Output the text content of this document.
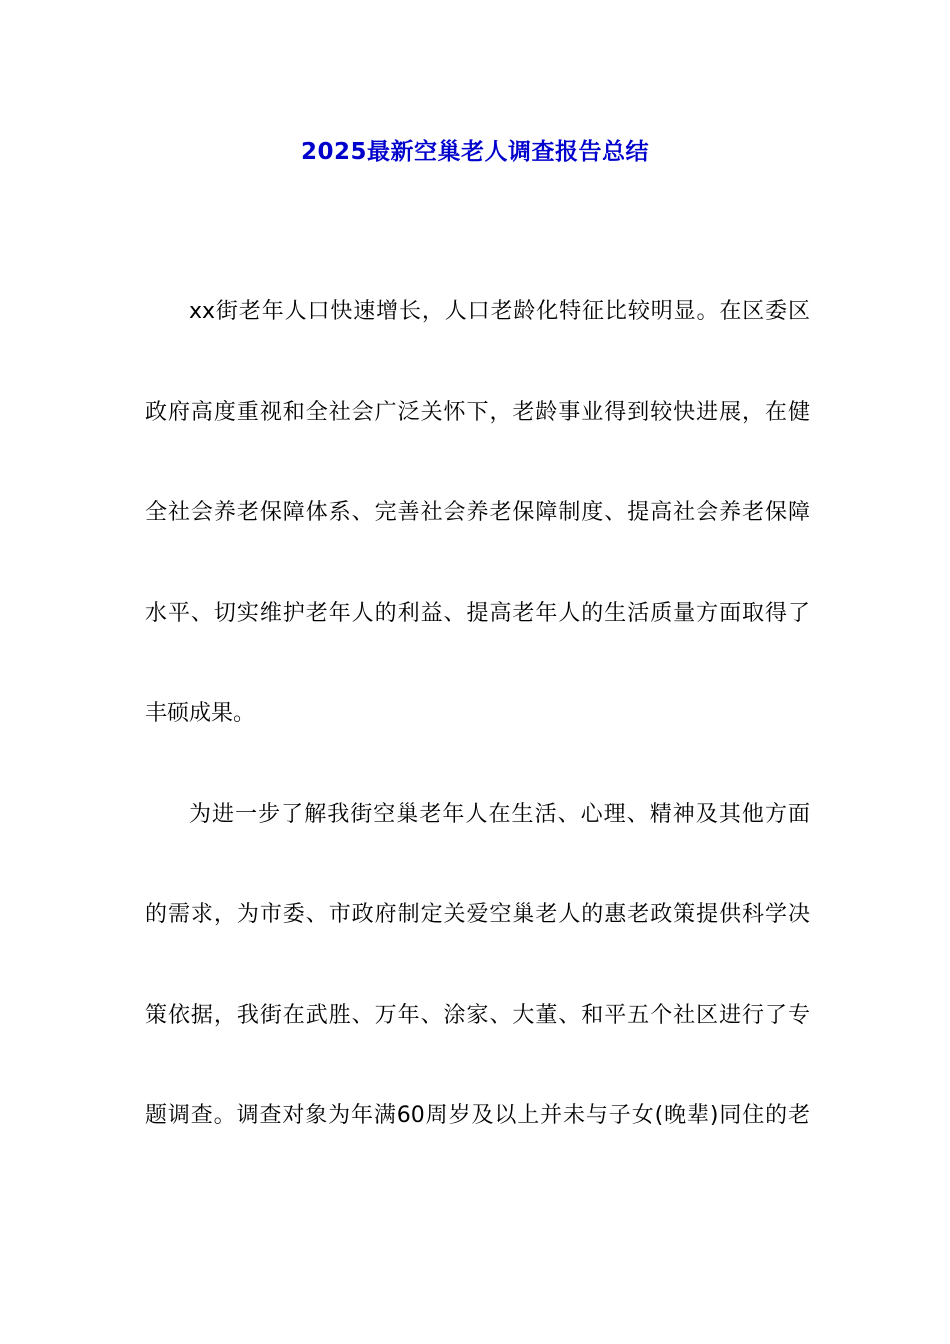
2025最新空巢老人调查报告总结
xx街老年人口快速增长，人口老龄化特征比较明显。在区委区
政府高度重视和全社会广泛关怀下，老龄事业得到较快进展，在健
全社会养老保障体系、完善社会养老保障制度、提高社会养老保障
水平、切实维护老年人的利益、提高老年人的生活质量方面取得了
丰硕成果。
为进一步了解我街空巢老年人在生活、心理、精神及其他方面
的需求，为市委、市政府制定关爱空巢老人的惠老政策提供科学决
策依据，我街在武胜、万年、涂家、大董、和平五个社区进行了专
题调查。调查对象为年满60周岁及以上并未与子女(晚辈)同住的老
